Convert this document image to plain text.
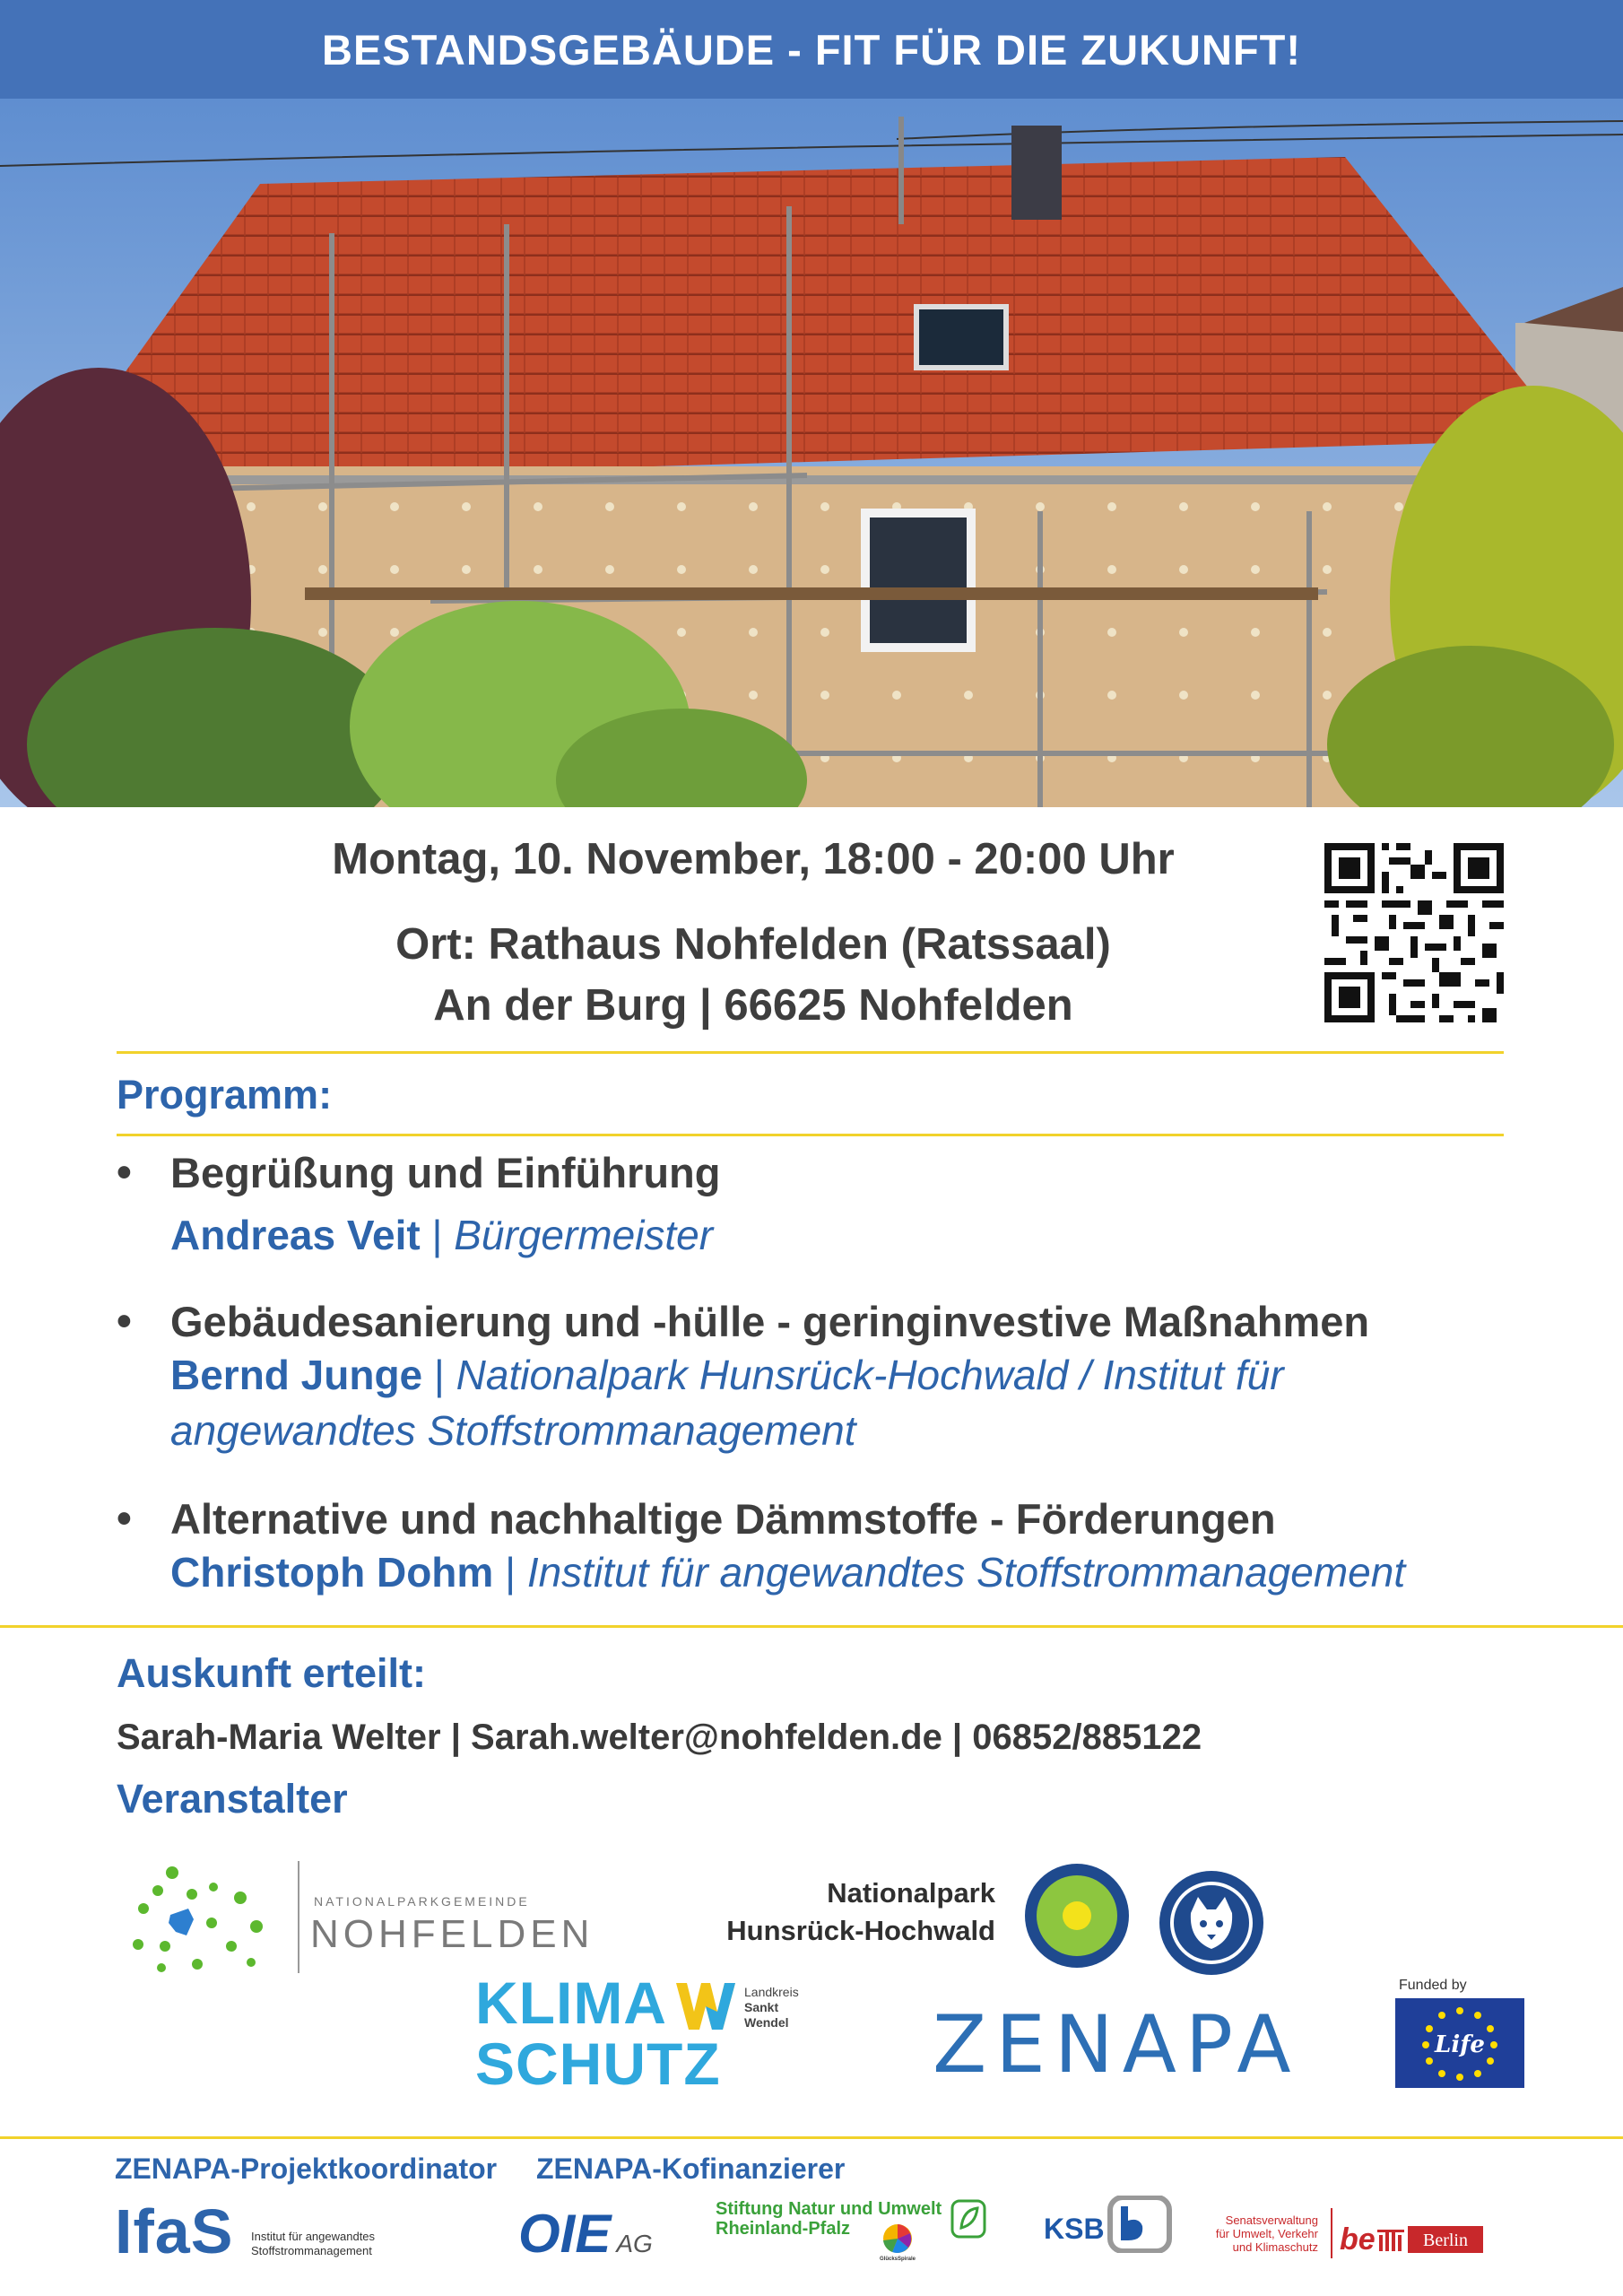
BESTANDSGEBÄUDE - FIT FÜR DIE ZUKUNFT!
Montag, 10. November, 18:00 - 20:00 Uhr
Ort: Rathaus Nohfelden (Ratssaal)
An der Burg | 66625 Nohfelden
Programm:
• Begrüßung und Einführung
Andreas Veit | Bürgermeister
• Gebäudesanierung und -hülle - geringinvestive Maßnahmen
Bernd Junge | Nationalpark Hunsrück-Hochwald / Institut für angewandtes Stoffstrommanagement
• Alternative und nachhaltige Dämmstoffe - Förderungen
Christoph Dohm | Institut für angewandtes Stoffstrommanagement
Auskunft erteilt:
Sarah-Maria Welter | Sarah.welter@nohfelden.de | 06852/885122
Veranstalter
NATIONALPARKGEMEINDE
NOHFELDEN
Nationalpark
Hunsrück-Hochwald
KLIMA
SCHUTZ
Landkreis
Sankt
Wendel ZENAPA
Funded by
Life
ZENAPA-Projektkoordinator ZENAPA-Kofinanzierer
IfaS Institut für angewandtes
Stoffstrommanagement	OIE AG
Stiftung Natur und Umwelt
Rheinland-Pfalz
GlücksSpirale
KSB	Senatsverwaltung
für Umwelt, Verkehr
und Klimaschutz be	Berlin
